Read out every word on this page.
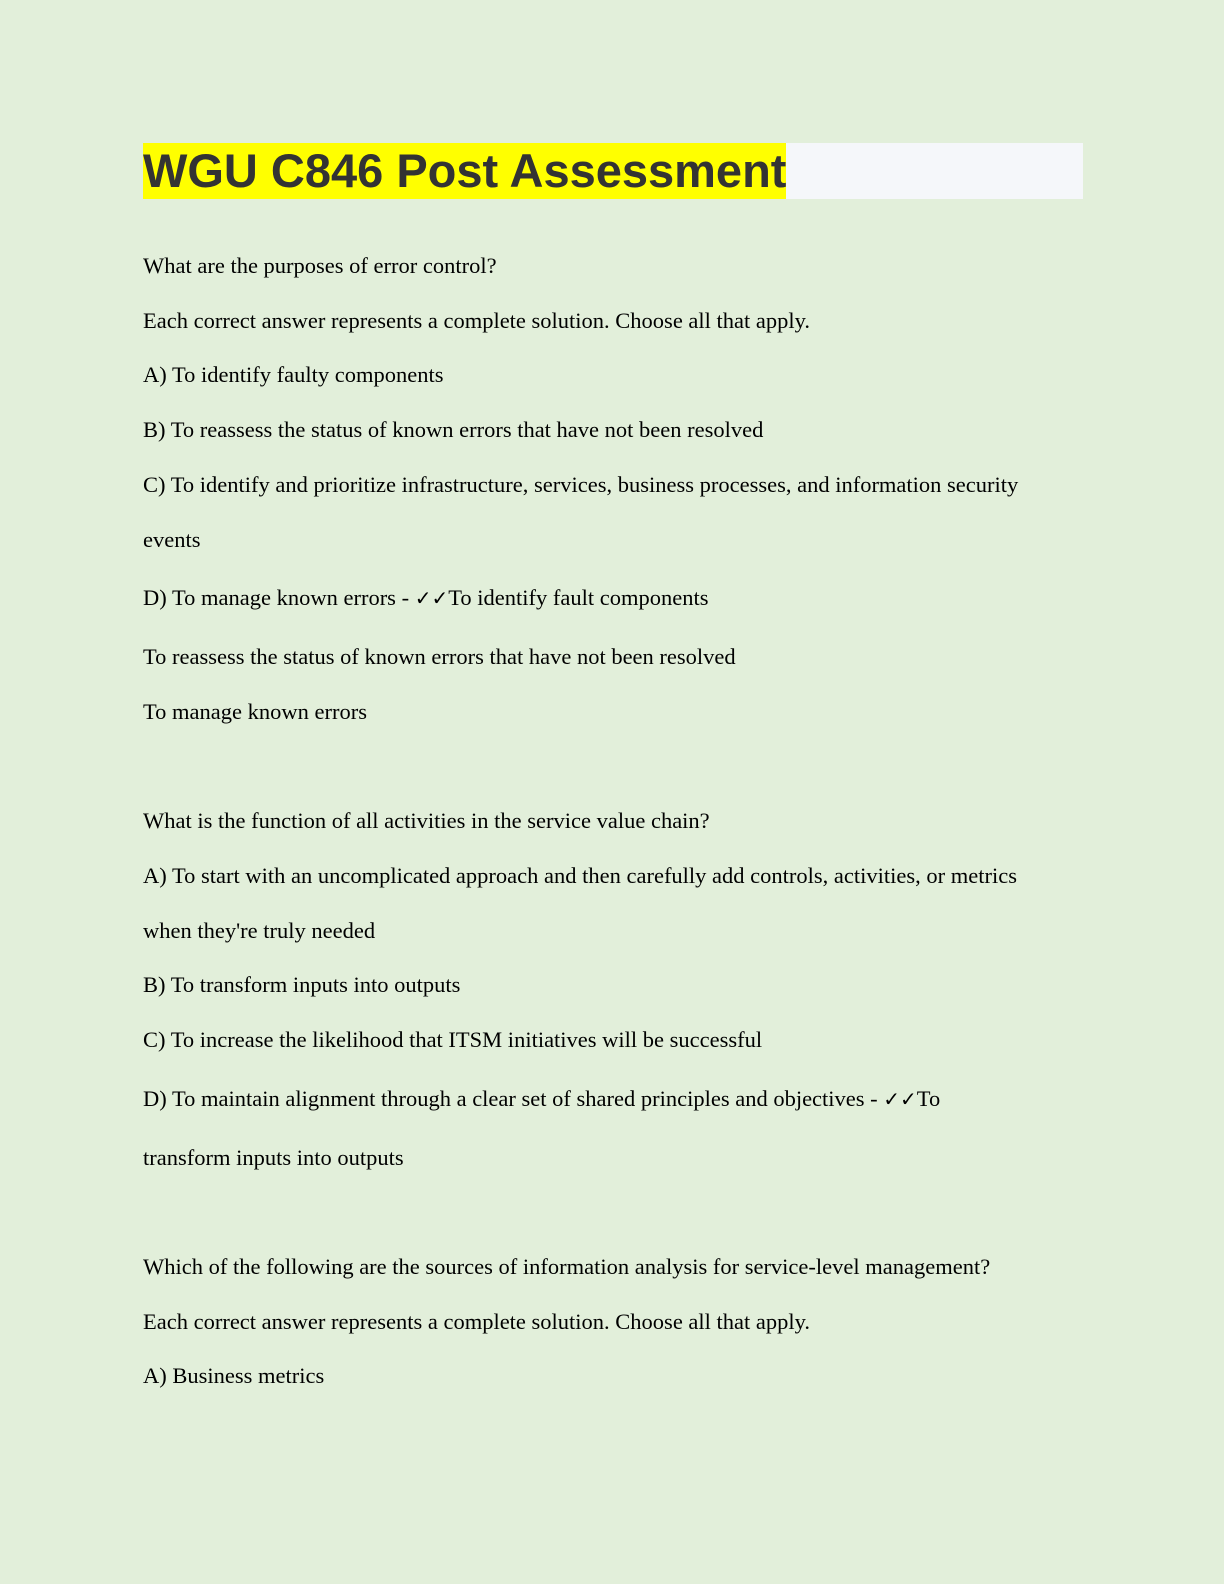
WGU C846 Post Assessment
What are the purposes of error control?
Each correct answer represents a complete solution. Choose all that apply.
A) To identify faulty components
B) To reassess the status of known errors that have not been resolved
C) To identify and prioritize infrastructure, services, business processes, and information security
events
D) To manage known errors - ✓✓To identify fault components
To reassess the status of known errors that have not been resolved
To manage known errors
What is the function of all activities in the service value chain?
A) To start with an uncomplicated approach and then carefully add controls, activities, or metrics
when they're truly needed
B) To transform inputs into outputs
C) To increase the likelihood that ITSM initiatives will be successful
D) To maintain alignment through a clear set of shared principles and objectives - ✓✓To
transform inputs into outputs
Which of the following are the sources of information analysis for service-level management?
Each correct answer represents a complete solution. Choose all that apply.
A) Business metrics
